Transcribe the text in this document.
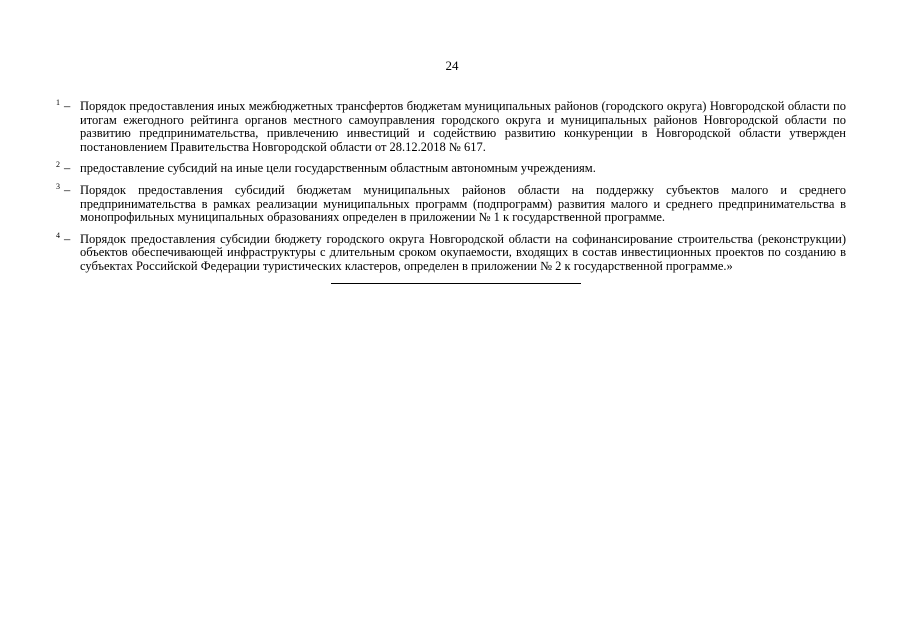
24
$^1$ – Порядок предоставления иных межбюджетных трансфертов бюджетам муниципальных районов (городского округа) Новгородской области по итогам ежегодного рейтинга органов местного самоуправления городского округа и муниципальных районов Новгородской области по развитию предпринимательства, привлечению инвестиций и содействию развитию конкуренции в Новгородской области утвержден постановлением Правительства Новгородской области от 28.12.2018 № 617.
$^2$ – предоставление субсидий на иные цели государственным областным автономным учреждениям.
$^3$ – Порядок предоставления субсидий бюджетам муниципальных районов области на поддержку субъектов малого и среднего предпринимательства в рамках реализации муниципальных программ (подпрограмм) развития малого и среднего предпринимательства в монопрофильных муниципальных образованиях определен в приложении № 1 к государственной программе.
$^4$ – Порядок предоставления субсидии бюджету городского округа Новгородской области на софинансирование строительства (реконструкции) объектов обеспечивающей инфраструктуры с длительным сроком окупаемости, входящих в состав инвестиционных проектов по созданию в субъектах Российской Федерации туристических кластеров, определен в приложении № 2 к государственной программе.»
